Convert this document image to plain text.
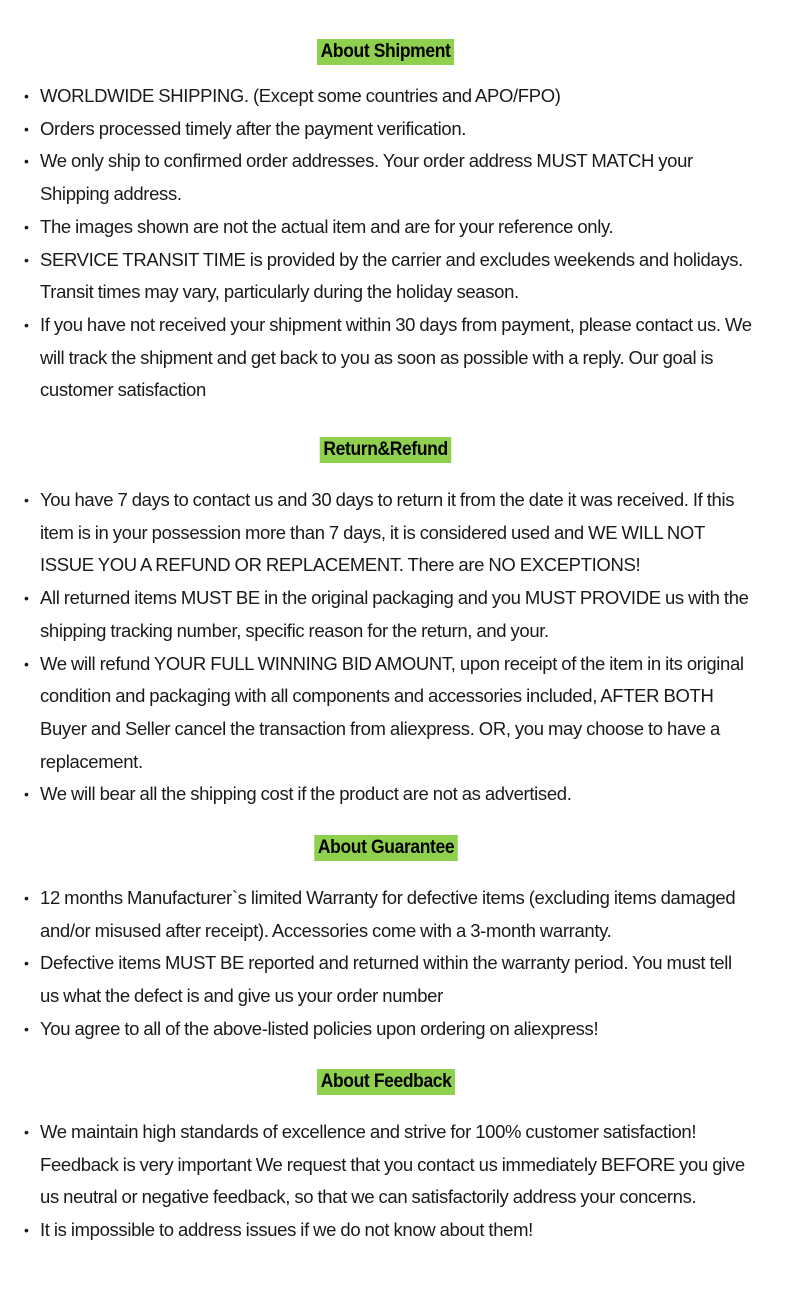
About Shipment
• WORLDWIDE SHIPPING. (Except some countries and APO/FPO)
• Orders processed timely after the payment verification.
• We only ship to confirmed order addresses. Your order address MUST MATCH your Shipping address.
• The images shown are not the actual item and are for your reference only.
• SERVICE TRANSIT TIME is provided by the carrier and excludes weekends and holidays. Transit times may vary, particularly during the holiday season.
• If you have not received your shipment within 30 days from payment, please contact us. We will track the shipment and get back to you as soon as possible with a reply. Our goal is customer satisfaction
Return&Refund
• You have 7 days to contact us and 30 days to return it from the date it was received. If this item is in your possession more than 7 days, it is considered used and WE WILL NOT ISSUE YOU A REFUND OR REPLACEMENT. There are NO EXCEPTIONS!
• All returned items MUST BE in the original packaging and you MUST PROVIDE us with the shipping tracking number, specific reason for the return, and your.
• We will refund YOUR FULL WINNING BID AMOUNT, upon receipt of the item in its original condition and packaging with all components and accessories included, AFTER BOTH Buyer and Seller cancel the transaction from aliexpress. OR, you may choose to have a replacement.
• We will bear all the shipping cost if the product are not as advertised.
About Guarantee
• 12 months Manufacturer`s limited Warranty for defective items (excluding items damaged and/or misused after receipt). Accessories come with a 3-month warranty.
• Defective items MUST BE reported and returned within the warranty period. You must tell us what the defect is and give us your order number
• You agree to all of the above-listed policies upon ordering on aliexpress!
About Feedback
• We maintain high standards of excellence and strive for 100% customer satisfaction! Feedback is very important We request that you contact us immediately BEFORE you give us neutral or negative feedback, so that we can satisfactorily address your concerns.
• It is impossible to address issues if we do not know about them!
